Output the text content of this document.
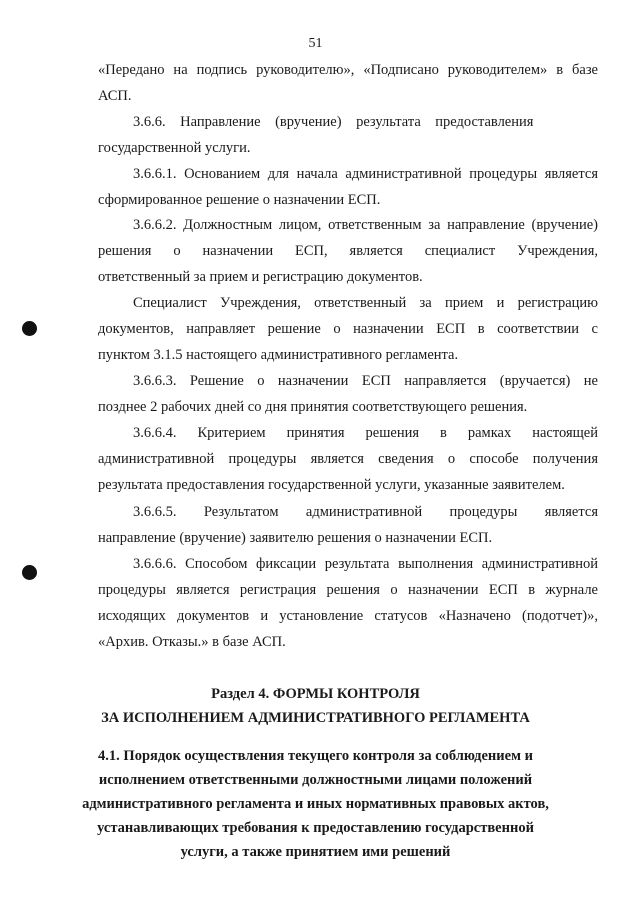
51
«Передано на подпись руководителю», «Подписано руководителем» в базе
АСП.
3.6.6. Направление (вручение) результата предоставления
государственной услуги.
3.6.6.1. Основанием для начала административной процедуры является
сформированное решение о назначении ЕСП.
3.6.6.2. Должностным лицом, ответственным за направление (вручение)
решения о назначении ЕСП, является специалист Учреждения,
ответственный за прием и регистрацию документов.
Специалист Учреждения, ответственный за прием и регистрацию
документов, направляет решение о назначении ЕСП в соответствии с
пунктом 3.1.5 настоящего административного регламента.
3.6.6.3. Решение о назначении ЕСП направляется (вручается) не
позднее 2 рабочих дней со дня принятия соответствующего решения.
3.6.6.4. Критерием принятия решения в рамках настоящей
административной процедуры является сведения о способе получения
результата предоставления государственной услуги, указанные заявителем.
3.6.6.5. Результатом административной процедуры является
направление (вручение) заявителю решения о назначении ЕСП.
3.6.6.6. Способом фиксации результата выполнения административной
процедуры является регистрация решения о назначении ЕСП в журнале
исходящих документов и установление статусов «Назначено (подотчет)»,
«Архив. Отказы.» в базе АСП.
Раздел 4. ФОРМЫ КОНТРОЛЯ
ЗА ИСПОЛНЕНИЕМ АДМИНИСТРАТИВНОГО РЕГЛАМЕНТА
4.1. Порядок осуществления текущего контроля за соблюдением и
исполнением ответственными должностными лицами положений
административного регламента и иных нормативных правовых актов,
устанавливающих требования к предоставлению государственной
услуги, а также принятием ими решений
